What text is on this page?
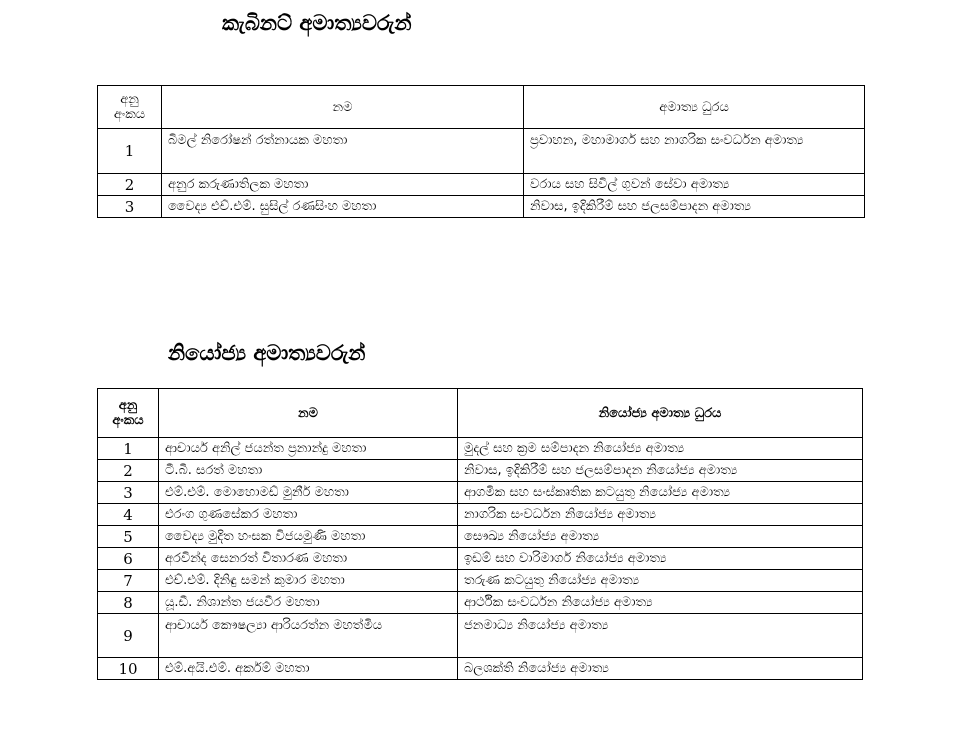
කැබිනට් අමාත්‍යවරුන්
අනු අංකය	නම	අමාත්‍ය ධුරය
1	බිමල් නිරෝෂන් රත්නායක මහතා	ප්‍රවාහන, මහාමාර්ග සහ නාගරික සංවර්ධන අමාත්‍ය
2	අනුර කරුණාතිලක මහතා	වරාය සහ සිවිල් ගුවන් සේවා අමාත්‍ය
3	වෛද්‍ය එච්.එම්. සුසිල් රණසිංහ මහතා	නිවාස, ඉදිකිරීම් සහ ජලසම්පාදන අමාත්‍ය
නියෝජ්‍ය අමාත්‍යවරුන්
අනු අංකය	නම	නියෝජ්‍ය අමාත්‍ය ධුරය
1	ආචාර්ය අනිල් ජයන්ත ප්‍රනාන්දු මහතා	මුදල් සහ ක්‍රම සම්පාදන නියෝජ්‍ය අමාත්‍ය
2	ටී.බී. සරත් මහතා	නිවාස, ඉදිකිරීම් සහ ජලසම්පාදන නියෝජ්‍ය අමාත්‍ය
3	එම්.එම්. මොහොමඩ් මුනීර් මහතා	ආගමික සහ සංස්කෘතික කටයුතු නියෝජ්‍ය අමාත්‍ය
4	එරංග ගුණසේකර මහතා	නාගරික සංවර්ධන නියෝජ්‍ය අමාත්‍ය
5	වෛද්‍ය මුදිත හංසක විජයමුණි මහතා	සෞඛ්‍ය නියෝජ්‍ය අමාත්‍ය
6	අරවින්ද සෙනරත් විතාරණ මහතා	ඉඩම් සහ වාරිමාර්ග නියෝජ්‍ය අමාත්‍ය
7	එච්.එම්. දිනිඳු සමන් කුමාර මහතා	තරුණ කටයුතු නියෝජ්‍ය අමාත්‍ය
8	යූ.ඩී. නිශාන්ත ජයවීර මහතා	ආර්ථික සංවර්ධන නියෝජ්‍ය අමාත්‍ය
9	ආචාර්ය කෞෂල්‍යා ආරියරත්න මහත්මිය	ජනමාධ්‍ය නියෝජ්‍ය අමාත්‍ය
10	එම්.අයි.එම්. අර්කම් මහතා	බලශක්ති නියෝජ්‍ය අමාත්‍ය
